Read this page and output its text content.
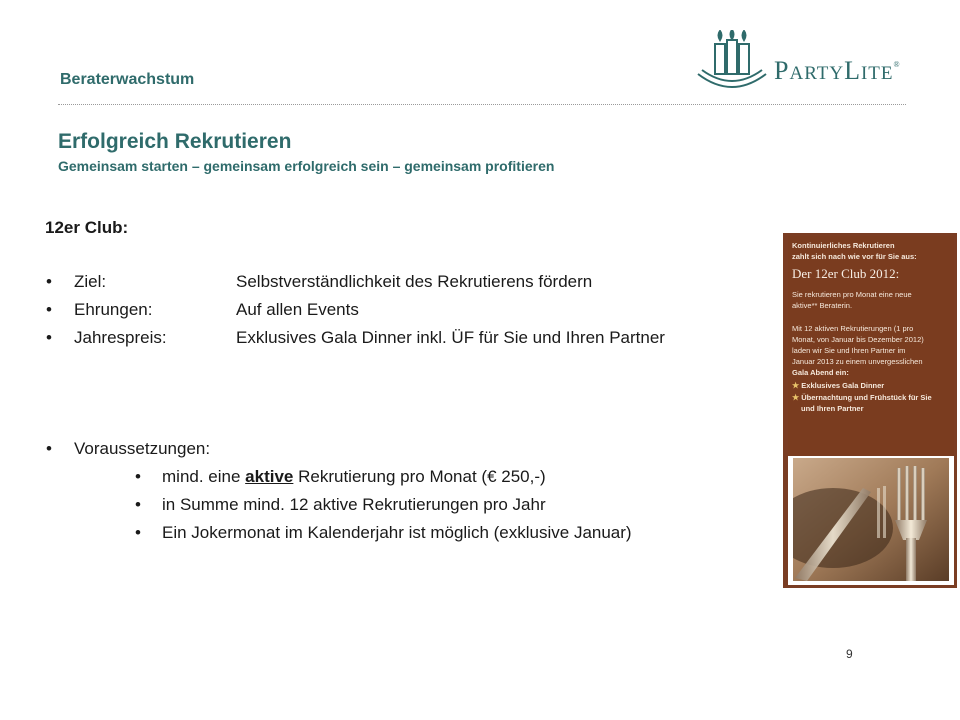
Beraterwachstum	PARTYLITE®
Erfolgreich Rekrutieren
Gemeinsam starten – gemeinsam erfolgreich sein – gemeinsam profitieren
12er Club:
• Ziel:	Selbstverständlichkeit des Rekrutierens fördern
• Ehrungen:	Auf allen Events
• Jahrespreis:	Exklusives Gala Dinner inkl. ÜF für Sie und Ihren Partner
• Voraussetzungen:
• mind. eine aktive Rekrutierung pro Monat (€ 250,-)
• in Summe mind. 12 aktive Rekrutierungen pro Jahr
• Ein Jokermonat im Kalenderjahr ist möglich (exklusive Januar)
Kontinuierliches Rekrutieren
zahlt sich nach wie vor für Sie aus:
Der 12er Club 2012:
Sie rekrutieren pro Monat eine neue
aktive** Beraterin.
Mit 12 aktiven Rekrutierungen (1 pro
Monat, von Januar bis Dezember 2012)
laden wir Sie und Ihren Partner im
Januar 2013 zu einem unvergesslichen
Gala Abend ein:
★ Exklusives Gala Dinner
★ Übernachtung und Frühstück für Sie
und Ihren Partner
9
